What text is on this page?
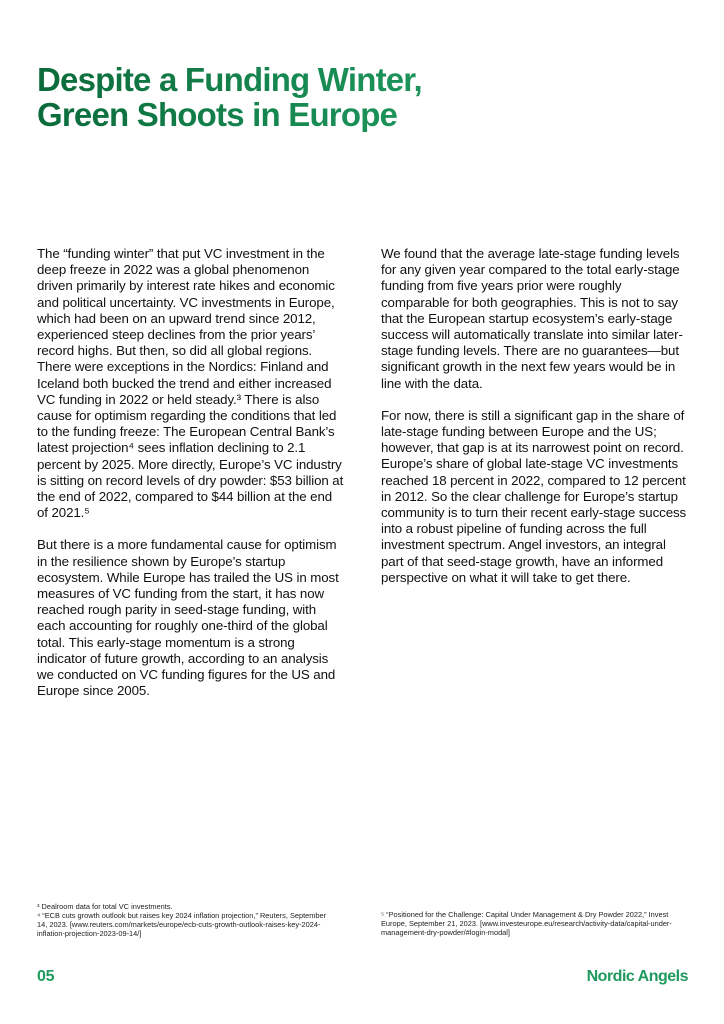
Despite a Funding Winter,
Green Shoots in Europe

The “funding winter” that put VC investment in the deep freeze in 2022 was a global phenomenon driven primarily by interest rate hikes and economic and political uncertainty. VC investments in Europe, which had been on an upward trend since 2012, experienced steep declines from the prior years’ record highs. But then, so did all global regions. There were exceptions in the Nordics: Finland and Iceland both bucked the trend and either increased VC funding in 2022 or held steady.³ There is also cause for optimism regarding the conditions that led to the funding freeze: The European Central Bank’s latest projection⁴ sees inflation declining to 2.1 percent by 2025. More directly, Europe’s VC industry is sitting on record levels of dry powder: $53 billion at the end of 2022, compared to $44 billion at the end of 2021.⁵

But there is a more fundamental cause for optimism in the resilience shown by Europe’s startup ecosystem. While Europe has trailed the US in most measures of VC funding from the start, it has now reached rough parity in seed-stage funding, with each accounting for roughly one-third of the global total. This early-stage momentum is a strong indicator of future growth, according to an analysis we conducted on VC funding figures for the US and Europe since 2005.

We found that the average late-stage funding levels for any given year compared to the total early-stage funding from five years prior were roughly comparable for both geographies. This is not to say that the European startup ecosystem’s early-stage success will automatically translate into similar later-stage funding levels. There are no guarantees—but significant growth in the next few years would be in line with the data.

For now, there is still a significant gap in the share of late-stage funding between Europe and the US; however, that gap is at its narrowest point on record. Europe’s share of global late-stage VC investments reached 18 percent in 2022, compared to 12 percent in 2012. So the clear challenge for Europe’s startup community is to turn their recent early-stage success into a robust pipeline of funding across the full investment spectrum. Angel investors, an integral part of that seed-stage growth, have an informed perspective on what it will take to get there.

³ Dealroom data for total VC investments.

⁴ “ECB cuts growth outlook but raises key 2024 inflation projection,” Reuters, September 14, 2023. [www.reuters.com/markets/europe/ecb-cuts-growth-outlook-raises-key-2024-inflation-projection-2023-09-14/]

⁵ “Positioned for the Challenge: Capital Under Management & Dry Powder 2022,” Invest Europe, September 21, 2023. [www.investeurope.eu/research/activity-data/capital-under-management-dry-powder/#login-modal]

05	Nordic Angels
